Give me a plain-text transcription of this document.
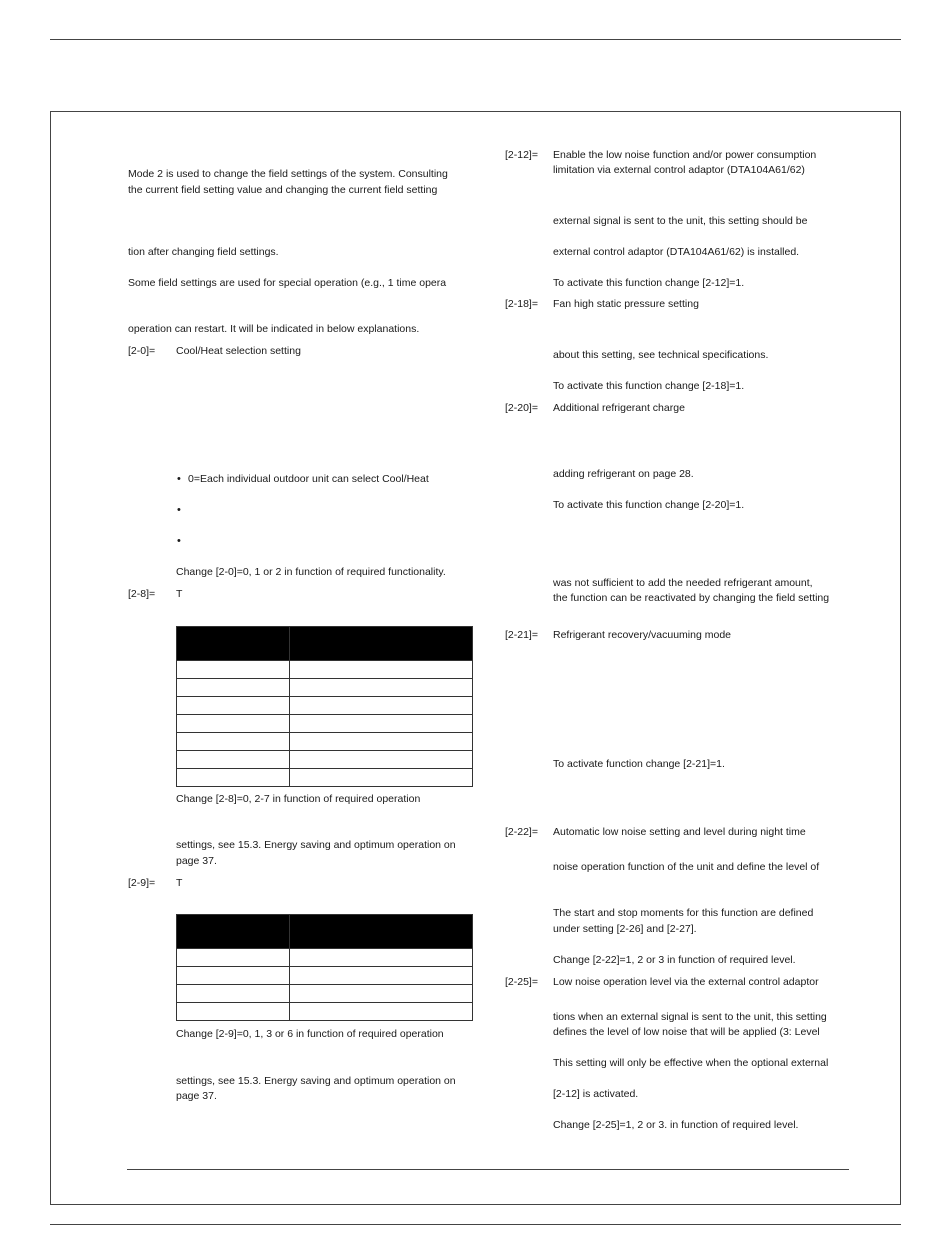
Mode 2 is used to change the field settings of the system. Consulting
the current field setting value and changing the current field setting
tion after changing field settings.
Some field settings are used for special operation (e.g., 1 time opera
operation can restart. It will be indicated in below explanations.
[2-0]= Cool/Heat selection setting
• 0=Each individual outdoor unit can select Cool/Heat
•
•
Change [2-0]=0, 1 or 2 in function of required functionality.
[2-8]= T

Change [2-8]=0, 2-7 in function of required operation
settings, see 15.3. Energy saving and optimum operation on
page 37.
[2-9]= T

Change [2-9]=0, 1, 3 or 6 in function of required operation
settings, see 15.3. Energy saving and optimum operation on
page 37.
[2-12]= Enable the low noise function and/or power consumption
limitation via external control adaptor (DTA104A61/62)
external signal is sent to the unit, this setting should be
external control adaptor (DTA104A61/62) is installed.
To activate this function change [2-12]=1.
[2-18]= Fan high static pressure setting
about this setting, see technical specifications.
To activate this function change [2-18]=1.
[2-20]= Additional refrigerant charge
adding refrigerant on page 28.
To activate this function change [2-20]=1.
was not sufficient to add the needed refrigerant amount,
the function can be reactivated by changing the field setting
[2-21]= Refrigerant recovery/vacuuming mode
To activate function change [2-21]=1.
[2-22]= Automatic low noise setting and level during night time
noise operation function of the unit and define the level of
The start and stop moments for this function are defined
under setting [2-26] and [2-27].
Change [2-22]=1, 2 or 3 in function of required level.
[2-25]= Low noise operation level via the external control adaptor
tions when an external signal is sent to the unit, this setting
defines the level of low noise that will be applied (3: Level
This setting will only be effective when the optional external
[2-12] is activated.
Change [2-25]=1, 2 or 3. in function of required level.
